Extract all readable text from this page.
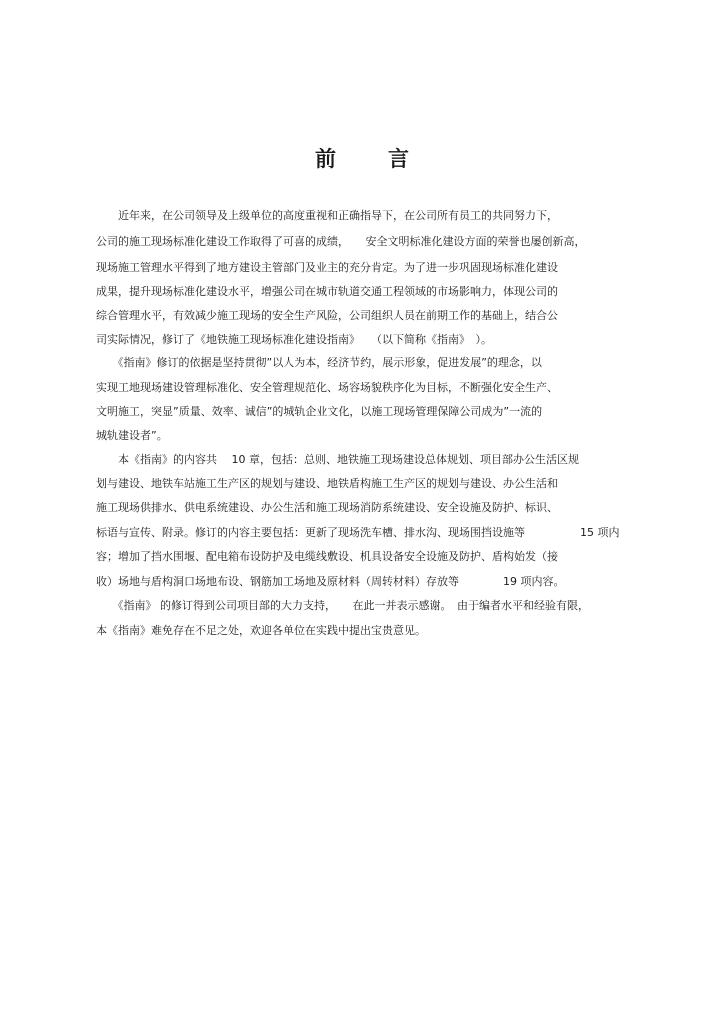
前 言
　　近年来，在公司领导及上级单位的高度重视和正确指导下，在公司所有员工的共同努力下，
公司的施工现场标准化建设工作取得了可喜的成绩，　　安全文明标准化建设方面的荣誉也屡创新高，
现场施工管理水平得到了地方建设主管部门及业主的充分肯定。为了进一步巩固现场标准化建设
成果，提升现场标准化建设水平，增强公司在城市轨道交通工程领域的市场影响力，体现公司的
综合管理水平，有效减少施工现场的安全生产风险，公司组织人员在前期工作的基础上，结合公
司实际情况，修订了《地铁施工现场标准化建设指南》　　（以下简称《指南》　）。
　　《指南》修订的依据是坚持贯彻”以人为本，经济节约，展示形象，促进发展”的理念，以
实现工地现场建设管理标准化、安全管理规范化、场容场貌秩序化为目标，不断强化安全生产、
文明施工，突显”质量、效率、诚信”的城轨企业文化，以施工现场管理保障公司成为”一流的
城轨建设者”。
　　本《指南》的内容共　 10 章，包括：总则、地铁施工现场建设总体规划、项目部办公生活区规
划与建设、地铁车站施工生产区的规划与建设、地铁盾构施工生产区的规划与建设、办公生活和
施工现场供排水、供电系统建设、办公生活和施工现场消防系统建设、安全设施及防护、标识、
标语与宣传、附录。修订的内容主要包括：更新了现场洗车槽、排水沟、现场围挡设施等　　　　　15 项内
容；增加了挡水围堰、配电箱布设防护及电缆线敷设、机具设备安全设施及防护、盾构始发（接
收）场地与盾构洞口场地布设、钢筋加工场地及原材料（周转材料）存放等　　　　19 项内容。
　　《指南》 的修订得到公司项目部的大力支持，　　在此一并表示感谢。　由于编者水平和经验有限，
本《指南》难免存在不足之处，欢迎各单位在实践中提出宝贵意见。
